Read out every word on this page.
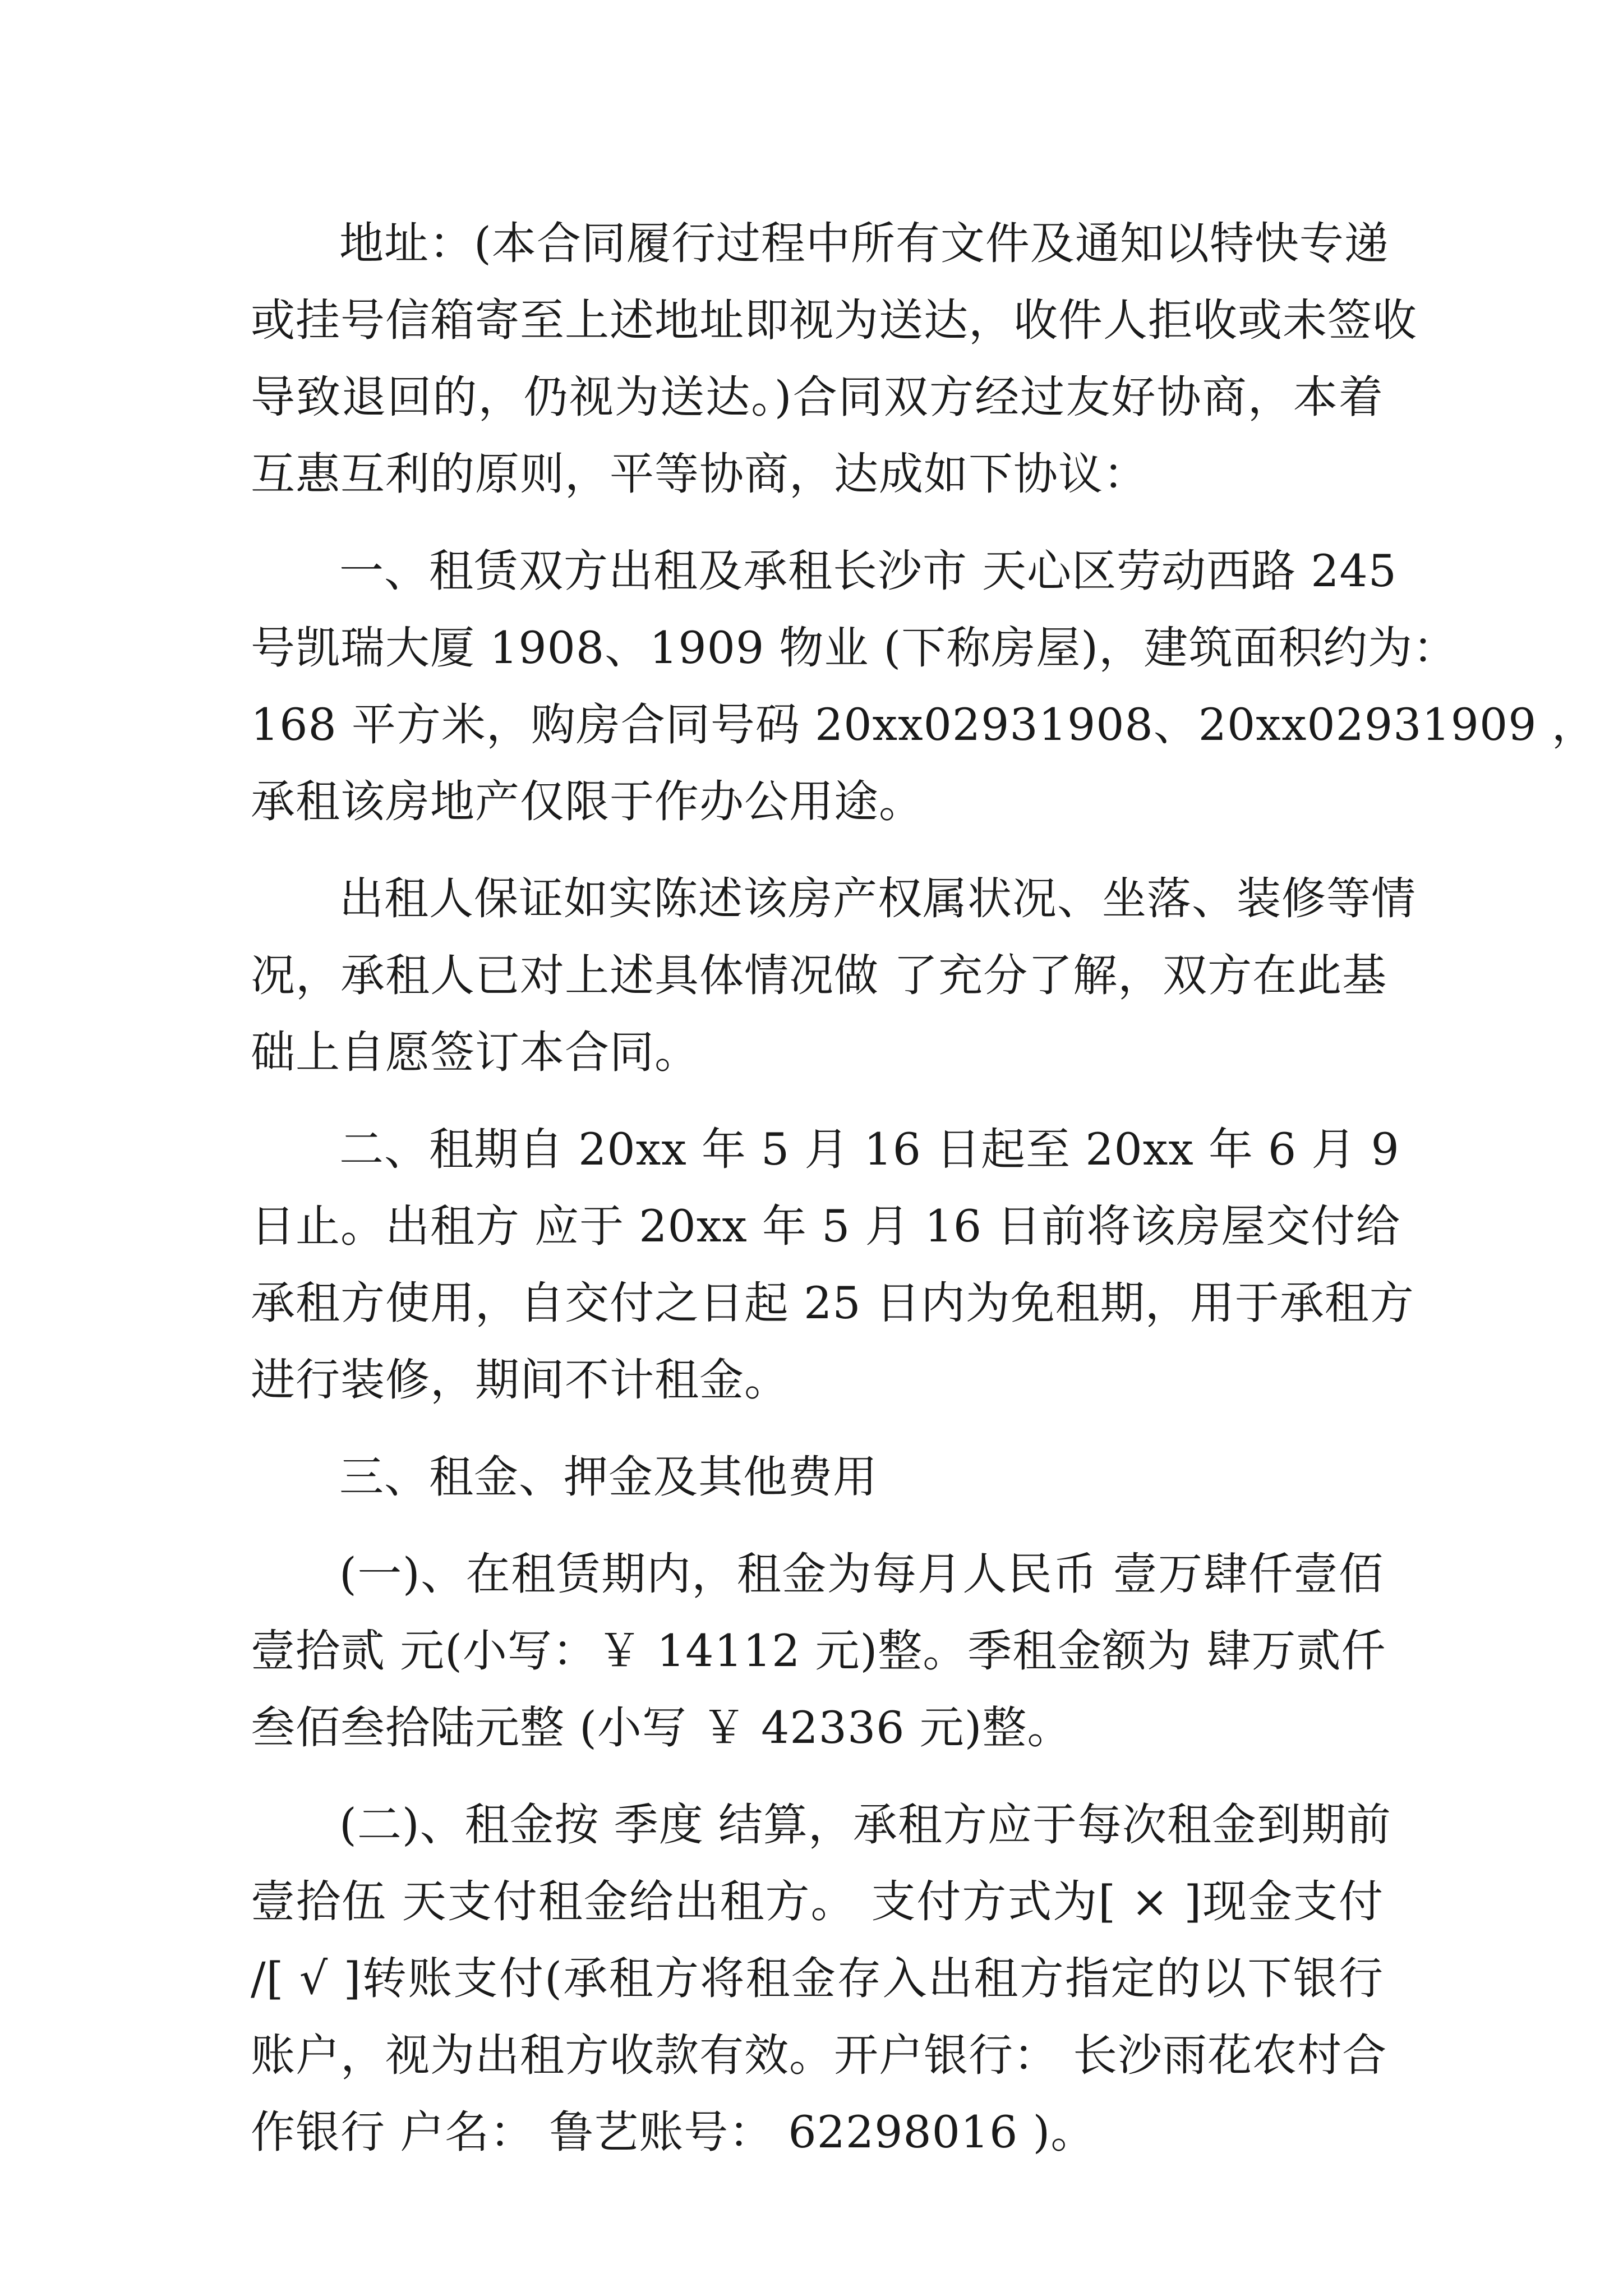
地址：(本合同履行过程中所有文件及通知以特快专递
或挂号信箱寄至上述地址即视为送达，收件人拒收或未签收
导致退回的，仍视为送达。)合同双方经过友好协商，本着
互惠互利的原则，平等协商，达成如下协议：
一、租赁双方出租及承租长沙市 天心区劳动西路 245
号凯瑞大厦 1908、1909 物业 (下称房屋)，建筑面积约为：
168 平方米，购房合同号码 20xx02931908、20xx02931909 ，
承租该房地产仅限于作办公用途。
出租人保证如实陈述该房产权属状况、坐落、装修等情
况，承租人已对上述具体情况做 了充分了解，双方在此基
础上自愿签订本合同。
二、租期自 20xx 年 5 月 16 日起至 20xx 年 6 月 9
日止。出租方 应于 20xx 年 5 月 16 日前将该房屋交付给
承租方使用，自交付之日起 25 日内为免租期，用于承租方
进行装修，期间不计租金。
三、租金、押金及其他费用
(一)、在租赁期内，租金为每月人民币 壹万肆仟壹佰
壹拾贰 元(小写：￥ 14112 元)整。季租金额为 肆万贰仟
叁佰叁拾陆元整 (小写 ￥ 42336 元)整。
(二)、租金按 季度 结算，承租方应于每次租金到期前
壹拾伍 天支付租金给出租方。 支付方式为[ × ]现金支付
/[ √ ]转账支付(承租方将租金存入出租方指定的以下银行
账户，视为出租方收款有效。开户银行： 长沙雨花农村合
作银行 户名： 鲁艺账号： 62298016 )。
